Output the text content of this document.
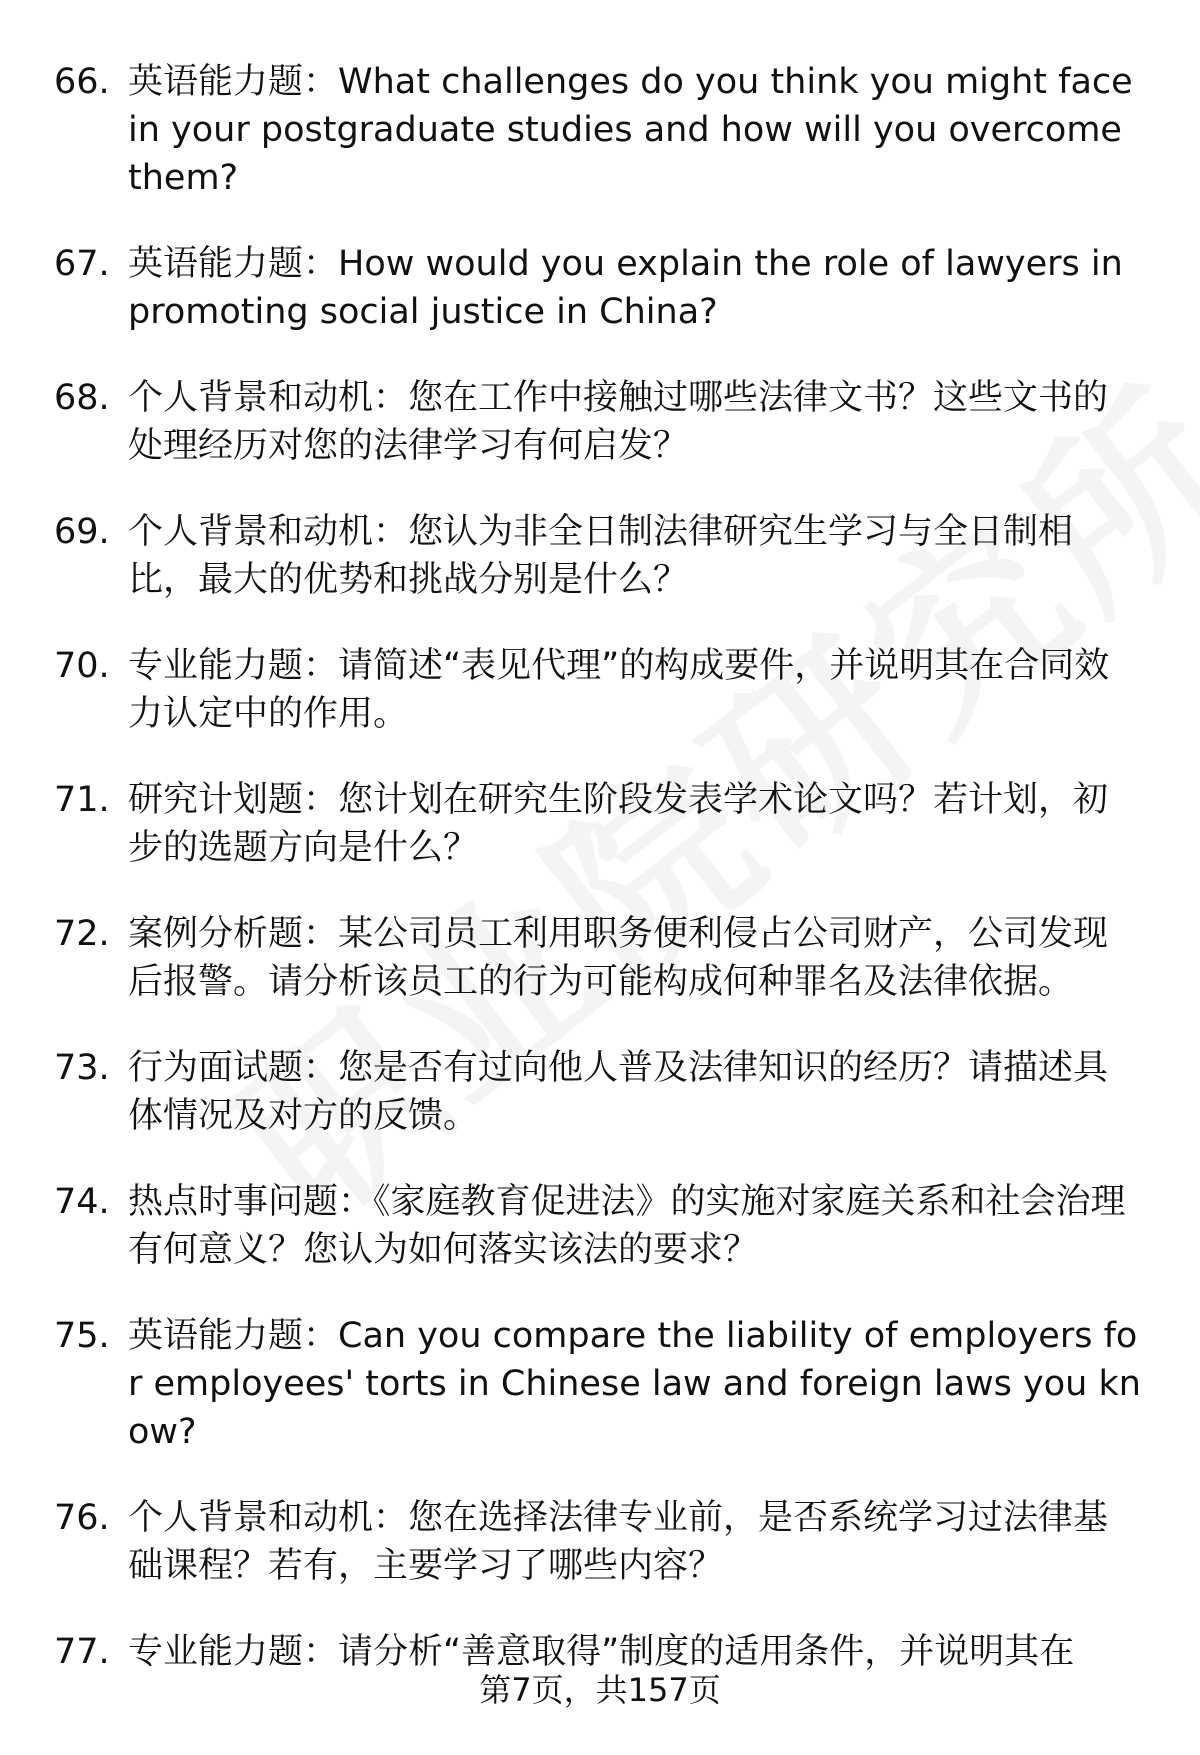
66. 英语能力题：What challenges do you think you might face in your postgraduate studies and how will you overcome them?
67. 英语能力题：How would you explain the role of lawyers in promoting social justice in China?
68. 个人背景和动机：您在工作中接触过哪些法律文书？这些文书的处理经历对您的法律学习有何启发？
69. 个人背景和动机：您认为非全日制法律研究生学习与全日制相比，最大的优势和挑战分别是什么？
70. 专业能力题：请简述“表见代理”的构成要件，并说明其在合同效力认定中的作用。
71. 研究计划题：您计划在研究生阶段发表学术论文吗？若计划，初步的选题方向是什么？
72. 案例分析题：某公司员工利用职务便利侵占公司财产，公司发现后报警。请分析该员工的行为可能构成何种罪名及法律依据。
73. 行为面试题：您是否有过向他人普及法律知识的经历？请描述具体情况及对方的反馈。
74. 热点时事问题：《家庭教育促进法》的实施对家庭关系和社会治理有何意义？您认为如何落实该法的要求？
75. 英语能力题：Can you compare the liability of employers for employees' torts in Chinese law and foreign laws you know?
76. 个人背景和动机：您在选择法律专业前，是否系统学习过法律基础课程？若有，主要学习了哪些内容？
77. 专业能力题：请分析“善意取得”制度的适用条件，并说明其在
第7页，共157页
